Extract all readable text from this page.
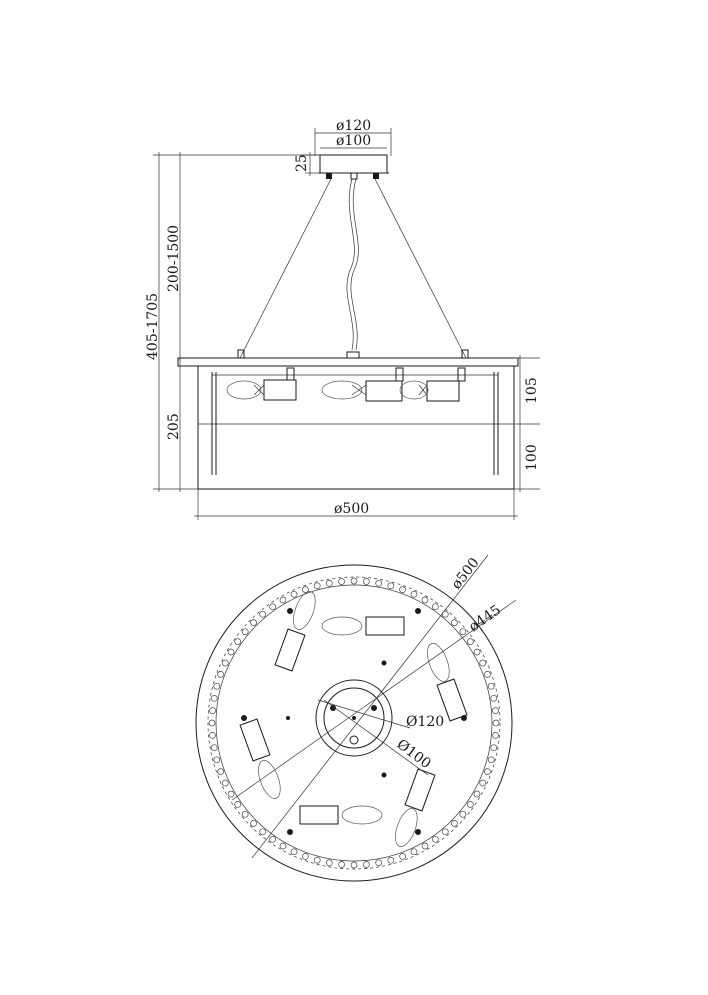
ø120
ø100
25
405-1705
200-1500
205
105
100
ø500
ø500
ø445
Ø120
Ø100
